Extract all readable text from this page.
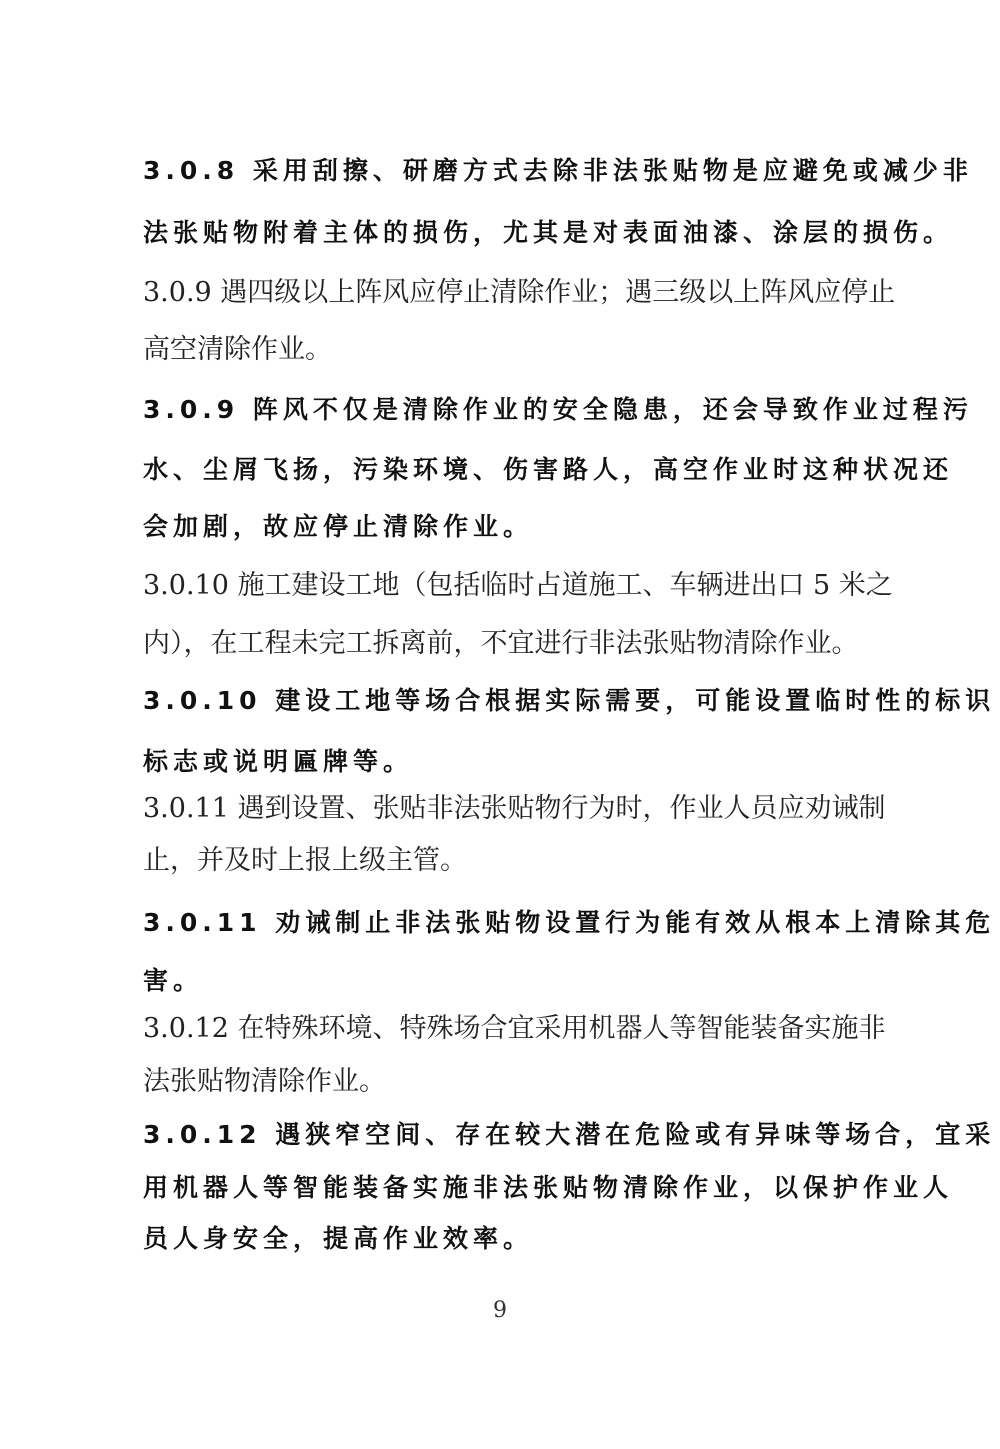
3.0.8 采用刮擦、研磨方式去除非法张贴物是应避免或减少非
法张贴物附着主体的损伤，尤其是对表面油漆、涂层的损伤。
3.0.9 遇四级以上阵风应停止清除作业；遇三级以上阵风应停止
高空清除作业。
3.0.9 阵风不仅是清除作业的安全隐患，还会导致作业过程污
水、尘屑飞扬，污染环境、伤害路人，高空作业时这种状况还
会加剧，故应停止清除作业。
3.0.10 施工建设工地（包括临时占道施工、车辆进出口 5 米之
内），在工程未完工拆离前，不宜进行非法张贴物清除作业。
3.0.10 建设工地等场合根据实际需要，可能设置临时性的标识
标志或说明匾牌等。
3.0.11 遇到设置、张贴非法张贴物行为时，作业人员应劝诫制
止，并及时上报上级主管。
3.0.11 劝诫制止非法张贴物设置行为能有效从根本上清除其危
害。
3.0.12 在特殊环境、特殊场合宜采用机器人等智能装备实施非
法张贴物清除作业。
3.0.12 遇狭窄空间、存在较大潜在危险或有异味等场合，宜采
用机器人等智能装备实施非法张贴物清除作业，以保护作业人
员人身安全，提高作业效率。
9
